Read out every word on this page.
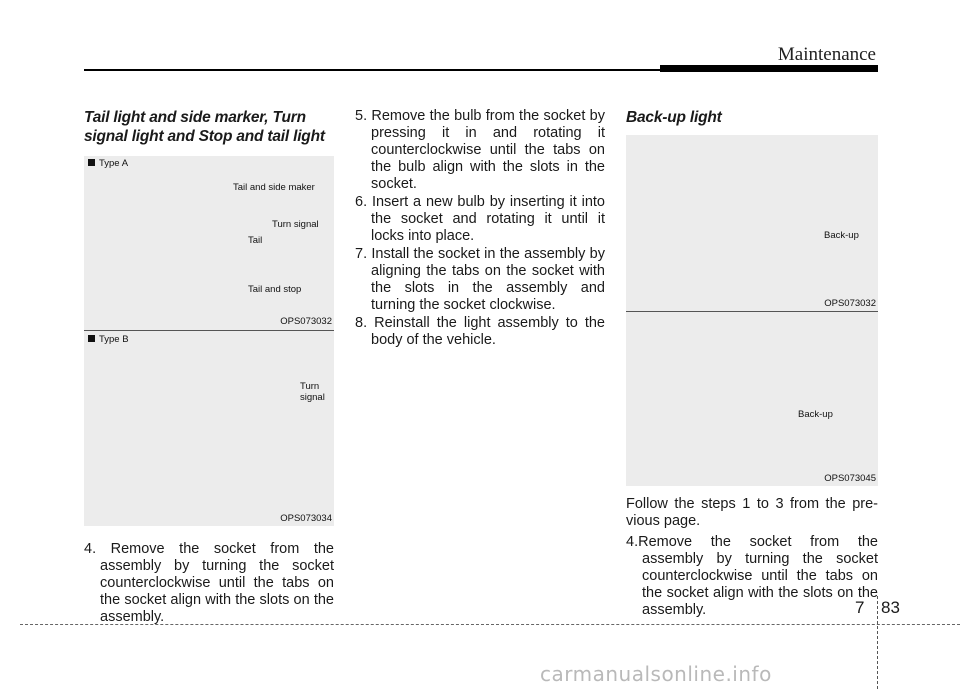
Maintenance
Tail light and side marker, Turn signal light and Stop and tail light
Type A
Tail and side maker
Turn signal
Tail
Tail and stop
OPS073032
Type B
Turn
signal
OPS073034
4. Remove the socket from the assembly by turning the socket counterclockwise until the tabs on the socket align with the slots on the assembly.
5. Remove the bulb from the socket by pressing it in and rotating it counterclockwise until the tabs on the bulb align with the slots in the socket.
6. Insert a new bulb by inserting it into the socket and rotating it until it locks into place.
7. Install the socket in the assembly by aligning the tabs on the socket with the slots in the assembly and turning the socket clockwise.
8. Reinstall the light assembly to the body of the vehicle.
Back-up light
Back-up
OPS073032
Back-up
OPS073045

Follow the steps 1 to 3 from the pre-vious page.

4.Remove the socket from the assembly by turning the socket counterclockwise until the tabs on the socket align with the slots on the assembly.	7 83
carmanualsonline.info
